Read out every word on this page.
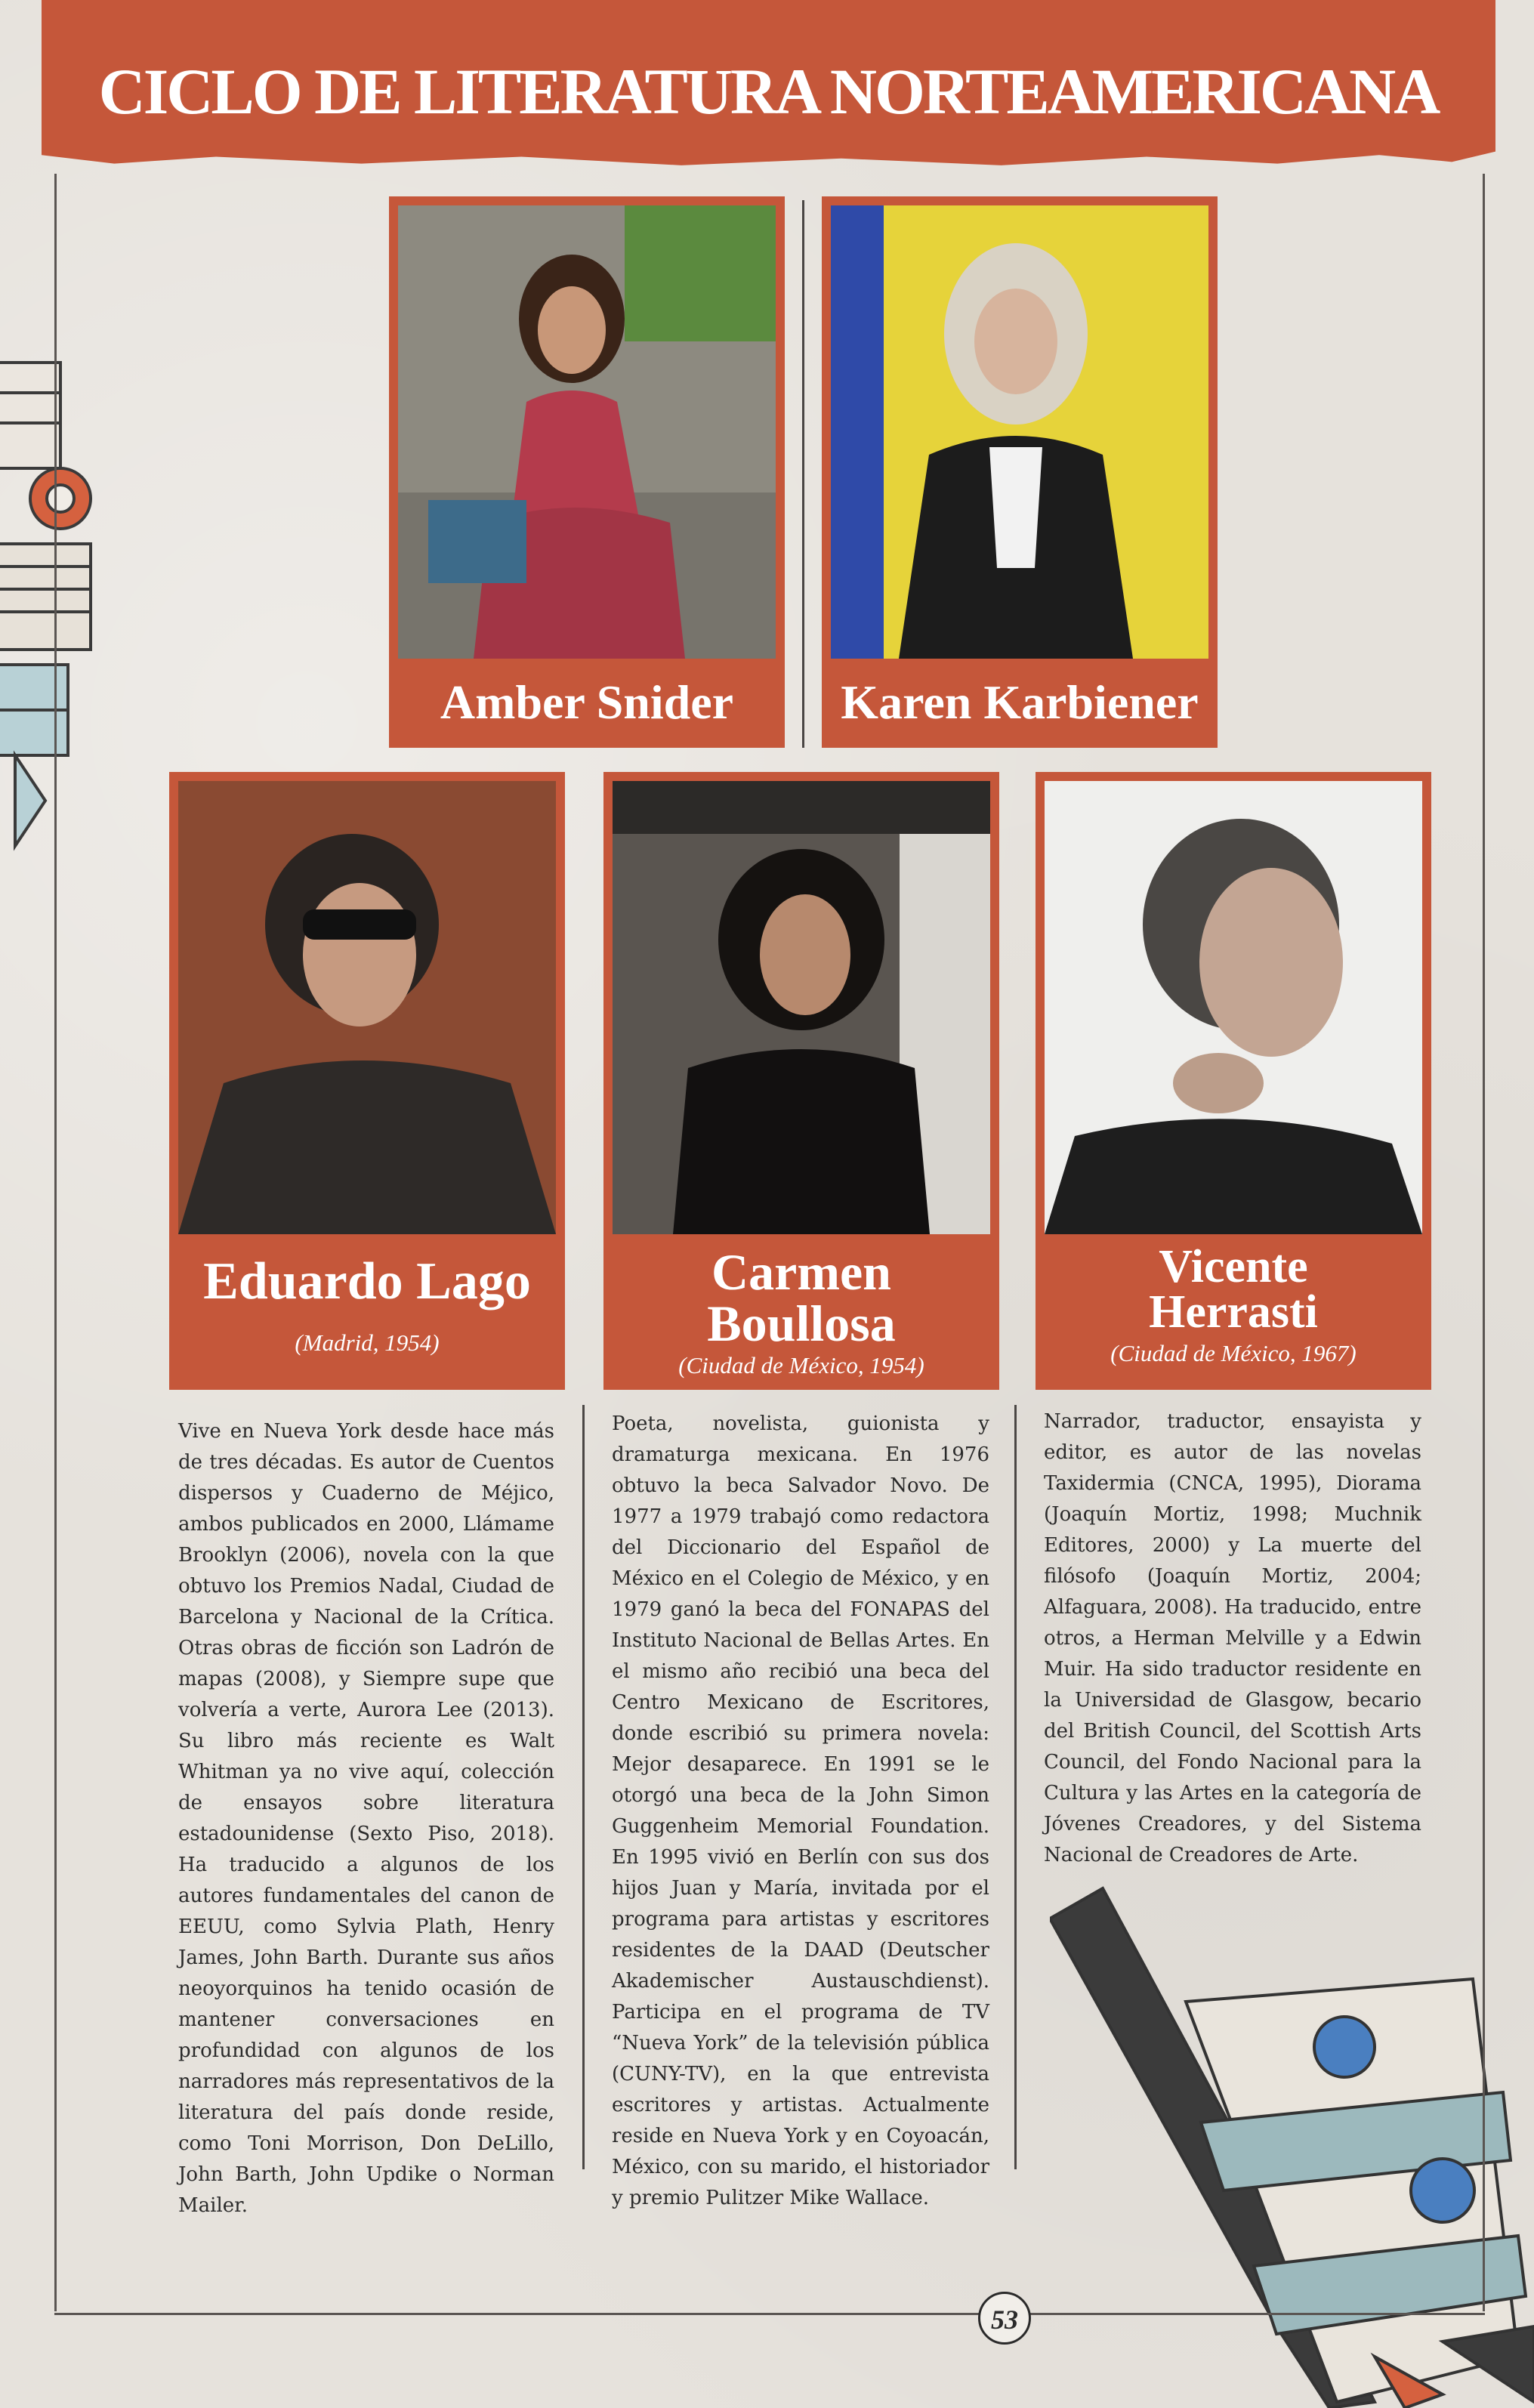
CICLO DE LITERATURA NORTEAMERICANA
Amber Snider	Karen Karbiener
Eduardo Lago
(Madrid, 1954)
Carmen
Boullosa
(Ciudad de México, 1954)
Vicente
Herrasti
(Ciudad de México, 1967)
Vive en Nueva York desde hace más de tres décadas. Es autor de Cuentos dispersos y Cuaderno de Méjico, ambos publicados en 2000, Llámame Brooklyn (2006), novela con la que obtuvo los Premios Nadal, Ciudad de Barcelona y Nacional de la Crítica. Otras obras de ficción son Ladrón de mapas (2008), y Siempre supe que volvería a verte, Aurora Lee (2013). Su libro más reciente es Walt Whitman ya no vive aquí, colección de ensayos sobre literatura estadounidense (Sexto Piso, 2018). Ha traducido a algunos de los autores fundamentales del canon de EEUU, como Sylvia Plath, Henry James, John Barth. Durante sus años neoyorquinos ha tenido ocasión de mantener conversaciones en profundidad con algunos de los narradores más representativos de la literatura del país donde reside, como Toni Morrison, Don DeLillo, John Barth, John Updike o Norman Mailer.
Poeta, novelista, guionista y dramaturga mexicana. En 1976 obtuvo la beca Salvador Novo. De 1977 a 1979 trabajó como redactora del Diccionario del Español de México en el Colegio de México, y en 1979 ganó la beca del FONAPAS del Instituto Nacional de Bellas Artes. En el mismo año recibió una beca del Centro Mexicano de Escritores, donde escribió su primera novela: Mejor desaparece. En 1991 se le otorgó una beca de la John Simon Guggenheim Memorial Foundation. En 1995 vivió en Berlín con sus dos hijos Juan y María, invitada por el programa para artistas y escritores residentes de la DAAD (Deutscher Akademischer Austauschdienst). Participa en el programa de TV “Nueva York” de la televisión pública (CUNY-TV), en la que entrevista escritores y artistas. Actualmente reside en Nueva York y en Coyoacán, México, con su marido, el historiador y premio Pulitzer Mike Wallace.
Narrador, traductor, ensayista y editor, es autor de las novelas Taxidermia (CNCA, 1995), Diorama (Joaquín Mortiz, 1998; Muchnik Editores, 2000) y La muerte del filósofo (Joaquín Mortiz, 2004; Alfaguara, 2008). Ha traducido, entre otros, a Herman Melville y a Edwin Muir. Ha sido traductor residente en la Universidad de Glasgow, becario del British Council, del Scottish Arts Council, del Fondo Nacional para la Cultura y las Artes en la categoría de Jóvenes Creadores, y del Sistema Nacional de Creadores de Arte.
53
